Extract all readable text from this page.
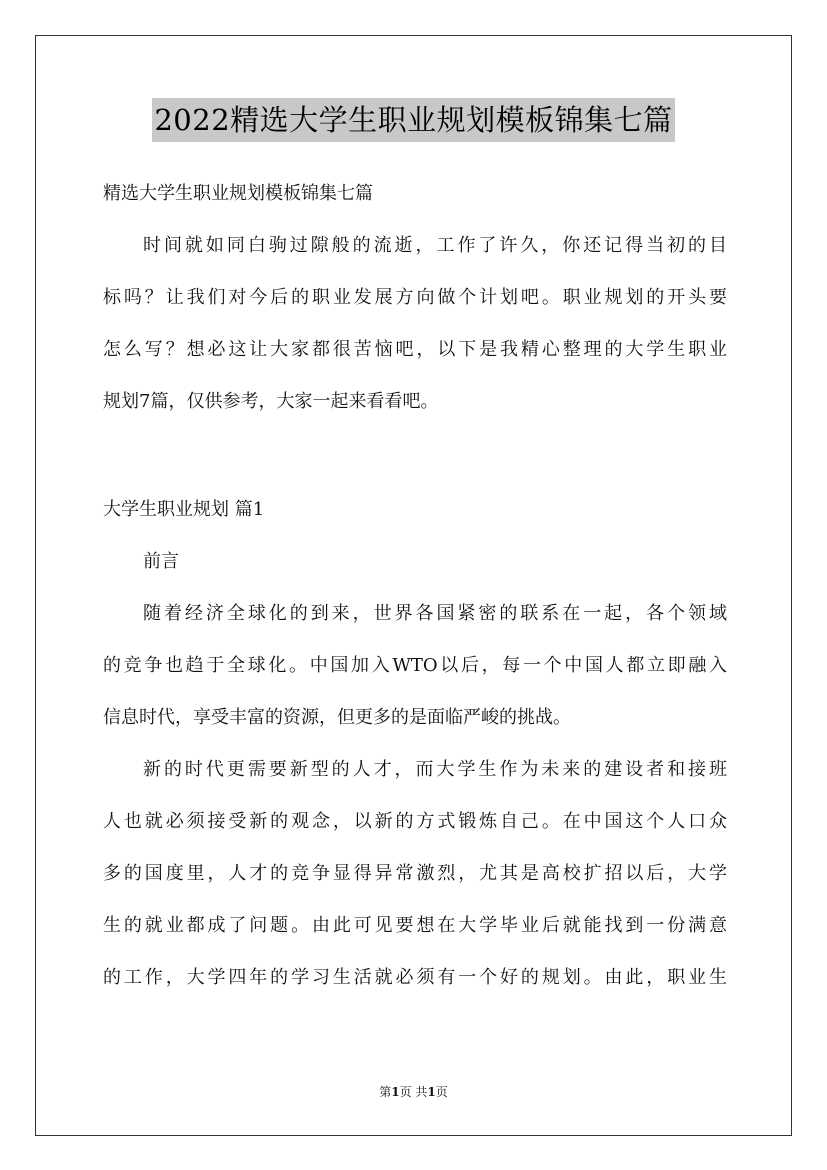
2022精选大学生职业规划模板锦集七篇
精选大学生职业规划模板锦集七篇
时间就如同白驹过隙般的流逝，工作了许久，你还记得当初的目
标吗？让我们对今后的职业发展方向做个计划吧。职业规划的开头要
怎么写？想必这让大家都很苦恼吧，以下是我精心整理的大学生职业
规划7篇，仅供参考，大家一起来看看吧。
大学生职业规划 篇1
前言
随着经济全球化的到来，世界各国紧密的联系在一起，各个领域
的竞争也趋于全球化。中国加入WTO以后，每一个中国人都立即融入
信息时代，享受丰富的资源，但更多的是面临严峻的挑战。
新的时代更需要新型的人才，而大学生作为未来的建设者和接班
人也就必须接受新的观念，以新的方式锻炼自己。在中国这个人口众
多的国度里，人才的竞争显得异常激烈，尤其是高校扩招以后，大学
生的就业都成了问题。由此可见要想在大学毕业后就能找到一份满意
的工作，大学四年的学习生活就必须有一个好的规划。由此，职业生
第1页 共1页
